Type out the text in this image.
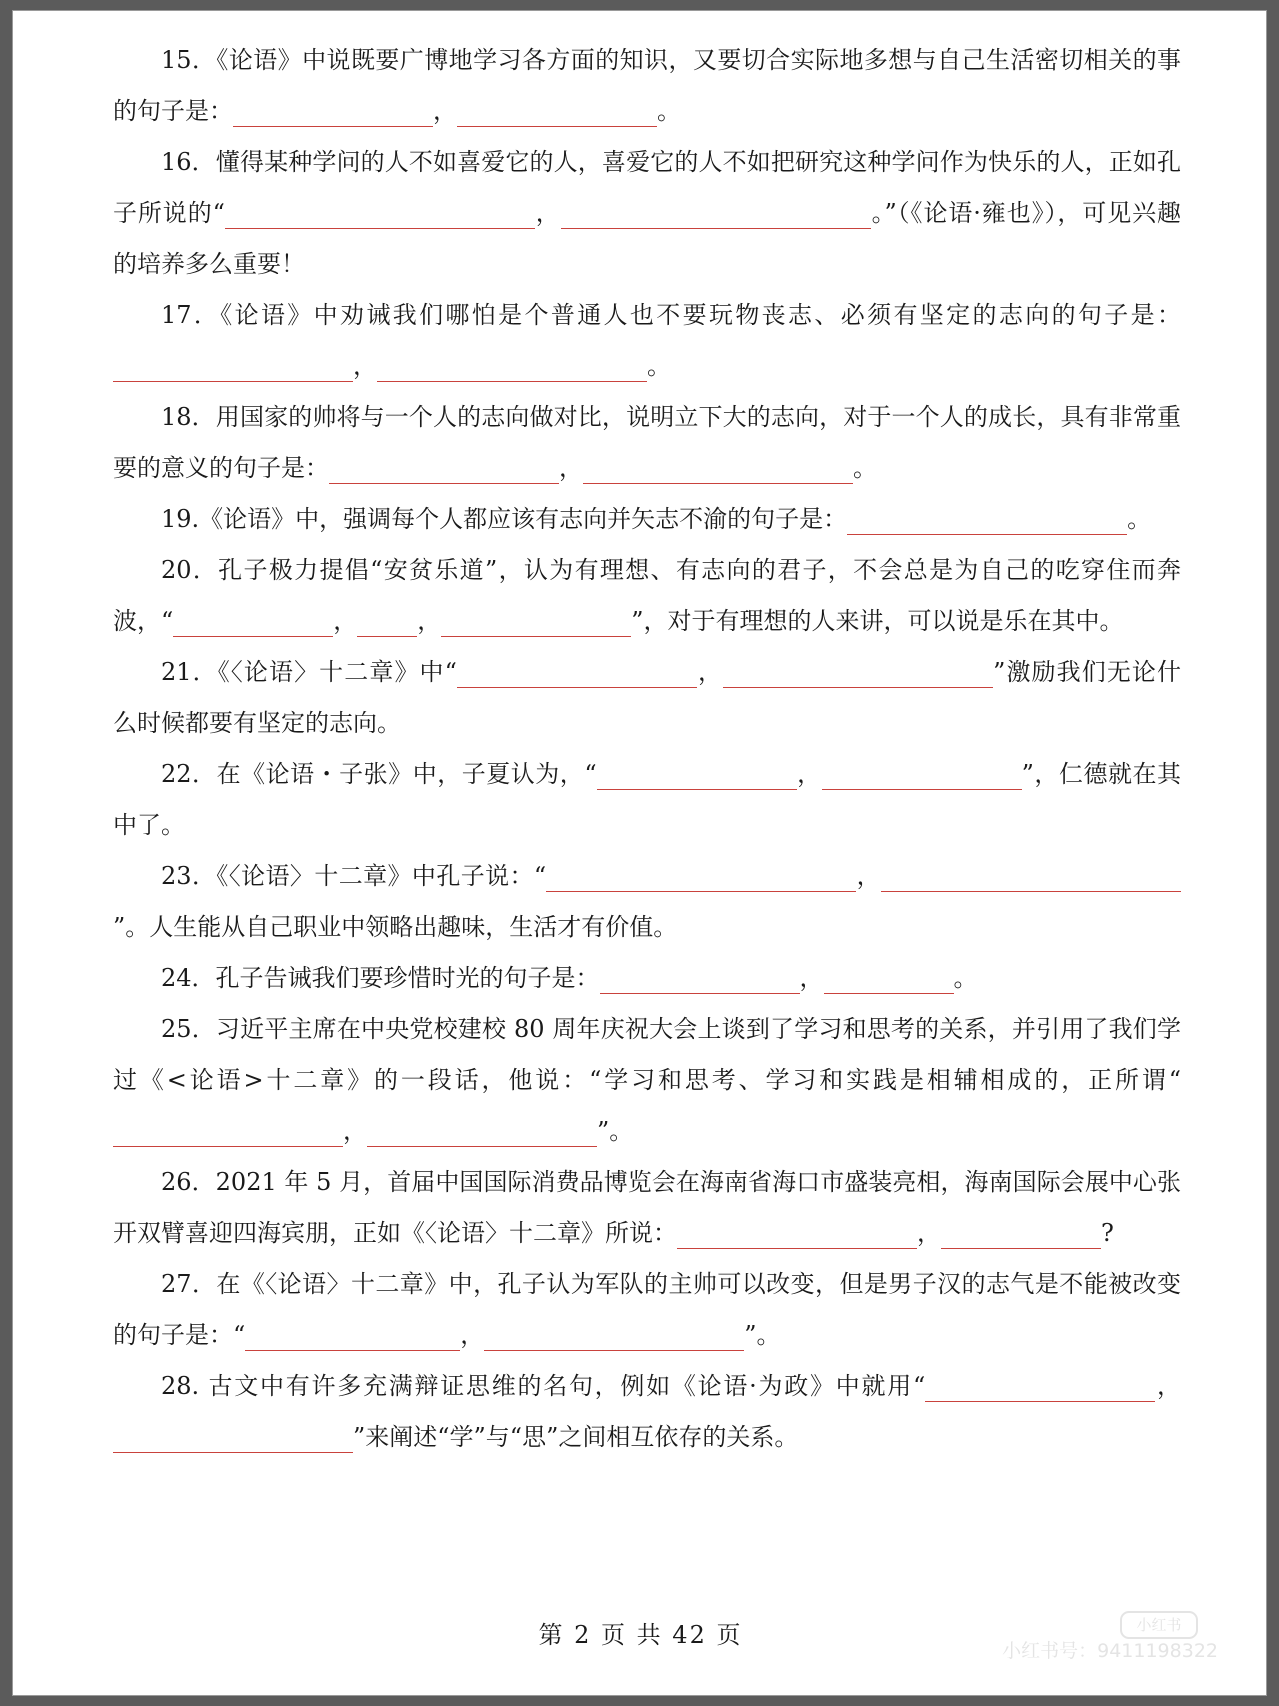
15．《论语》中说既要广博地学习各方面的知识，又要切合实际地多想与自己生活密切相关的事的句子是：	，	。

16．懂得某种学问的人不如喜爱它的人，喜爱它的人不如把研究这种学问作为快乐的人，正如孔子所说的“	，	。”（《论语·雍也》），可见兴趣的培养多么重要！

17．《论语》中劝诫我们哪怕是个普通人也不要玩物丧志、必须有坚定的志向的句子是：，	。

18．用国家的帅将与一个人的志向做对比，说明立下大的志向，对于一个人的成长，具有非常重要的意义的句子是：	，	。

19.《论语》中，强调每个人都应该有志向并矢志不渝的句子是：	。

20．孔子极力提倡“安贫乐道”，认为有理想、有志向的君子，不会总是为自己的吃穿住而奔波，“	，	，	”，对于有理想的人来讲，可以说是乐在其中。

21．《〈论语〉十二章》中“	，	”激励我们无论什么时候都要有坚定的志向。

22．在《论语・子张》中，子夏认为，“	，	”，仁德就在其中了。

23．《〈论语〉十二章》中孔子说：“	，”。人生能从自己职业中领略出趣味，生活才有价值。

24．孔子告诫我们要珍惜时光的句子是：	，	。

25．习近平主席在中央党校建校 80 周年庆祝大会上谈到了学习和思考的关系，并引用了我们学过《<论语>十二章》的一段话，他说：“学习和思考、学习和实践是相辅相成的，正所谓“，	”。

26．2021 年 5 月，首届中国国际消费品博览会在海南省海口市盛装亮相，海南国际会展中心张开双臂喜迎四海宾朋，正如《〈论语〉十二章》所说：	，	?

27．在《〈论语〉十二章》中，孔子认为军队的主帅可以改变，但是男子汉的志气是不能被改变的句子是：“	，	”。

28. 古文中有许多充满辩证思维的名句，例如《论语·为政》中就用“	，”来阐述“学”与“思”之间相互依存的关系。

第 2 页 共 42 页	小红书
小红书号：9411198322
